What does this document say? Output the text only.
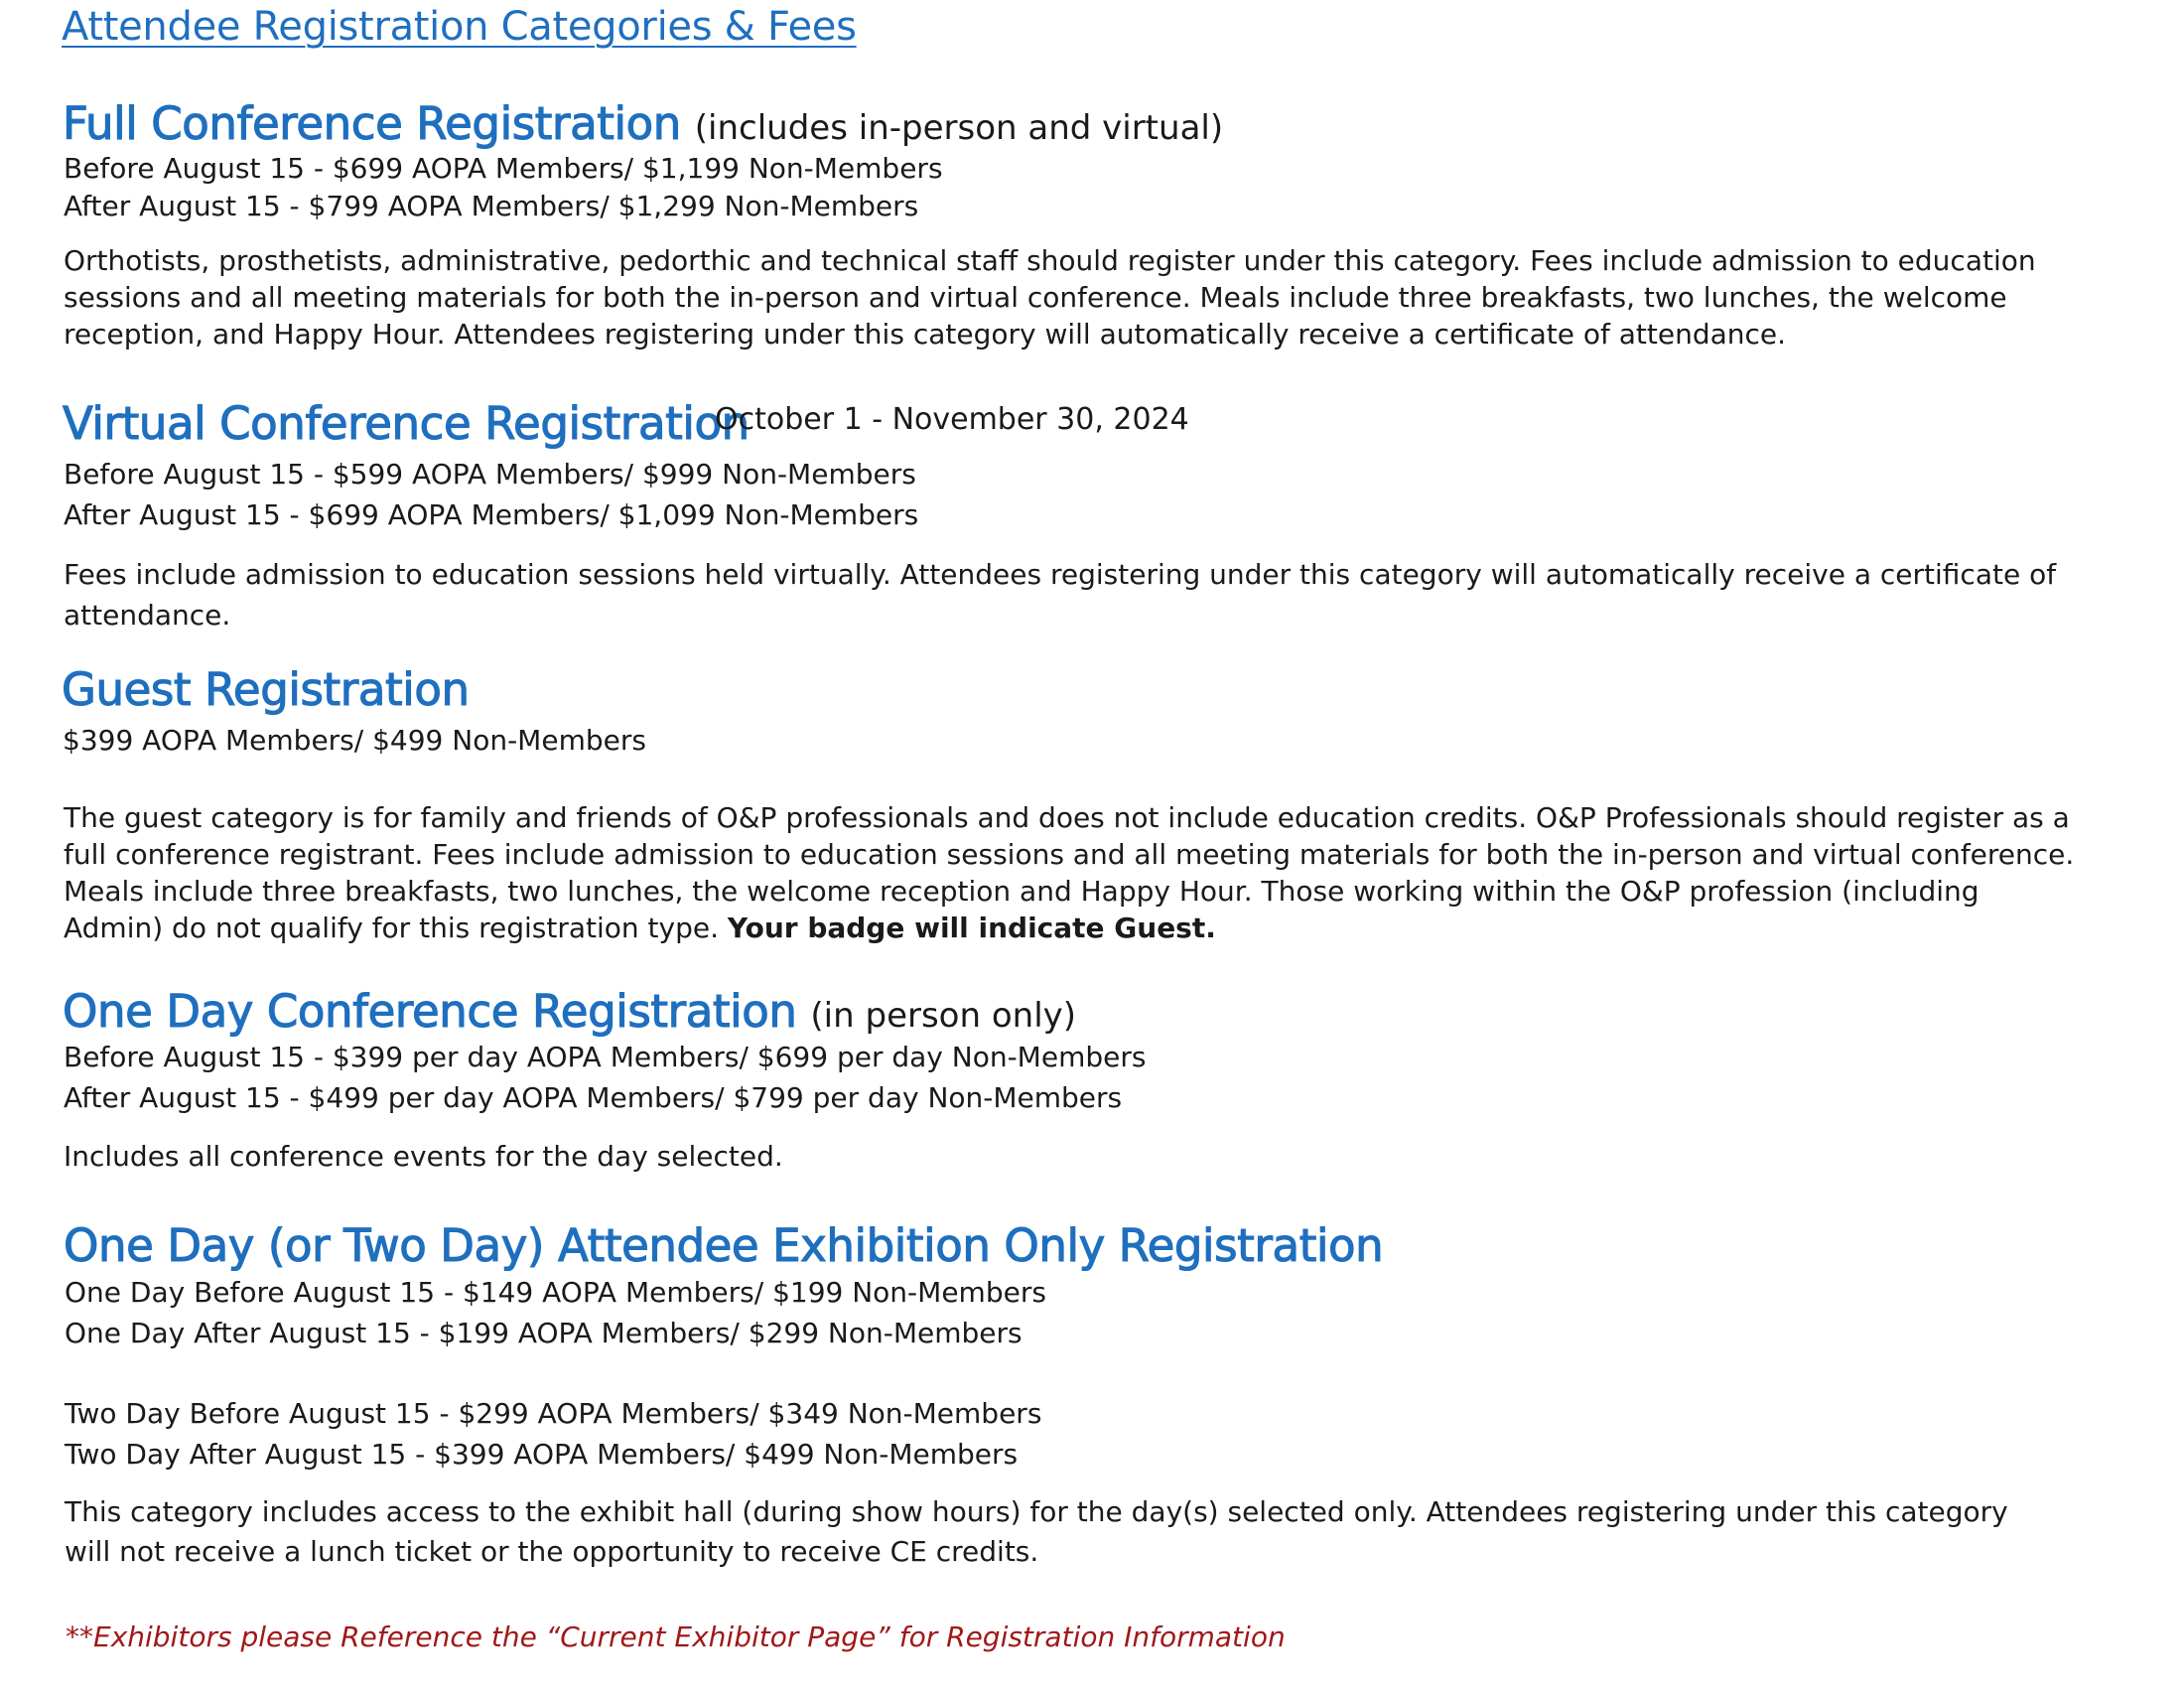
Attendee Registration Categories & Fees
Full Conference Registration (includes in-person and virtual)
Before August 15 - $699 AOPA Members/ $1,199 Non-Members
After August 15 - $799 AOPA Members/ $1,299 Non-Members
Orthotists, prosthetists, administrative, pedorthic and technical staff should register under this category. Fees include admission to education
sessions and all meeting materials for both the in-person and virtual conference. Meals include three breakfasts, two lunches, the welcome
reception, and Happy Hour. Attendees registering under this category will automatically receive a certificate of attendance.
Virtual Conference Registration
October 1 - November 30, 2024
Before August 15 - $599 AOPA Members/ $999 Non-Members
After August 15 - $699 AOPA Members/ $1,099 Non-Members
Fees include admission to education sessions held virtually. Attendees registering under this category will automatically receive a certificate of
attendance.
Guest Registration
$399 AOPA Members/ $499 Non-Members
The guest category is for family and friends of O&P professionals and does not include education credits. O&P Professionals should register as a
full conference registrant. Fees include admission to education sessions and all meeting materials for both the in-person and virtual conference.
Meals include three breakfasts, two lunches, the welcome reception and Happy Hour. Those working within the O&P profession (including
Admin) do not qualify for this registration type. Your badge will indicate Guest.
One Day Conference Registration (in person only)
Before August 15 - $399 per day AOPA Members/ $699 per day Non-Members
After August 15 - $499 per day AOPA Members/ $799 per day Non-Members
Includes all conference events for the day selected.
One Day (or Two Day) Attendee Exhibition Only Registration
One Day Before August 15 - $149 AOPA Members/ $199 Non-Members
One Day After August 15 - $199 AOPA Members/ $299 Non-Members
Two Day Before August 15 - $299 AOPA Members/ $349 Non-Members
Two Day After August 15 - $399 AOPA Members/ $499 Non-Members
This category includes access to the exhibit hall (during show hours) for the day(s) selected only. Attendees registering under this category
will not receive a lunch ticket or the opportunity to receive CE credits.
**Exhibitors please Reference the “Current Exhibitor Page” for Registration Information
